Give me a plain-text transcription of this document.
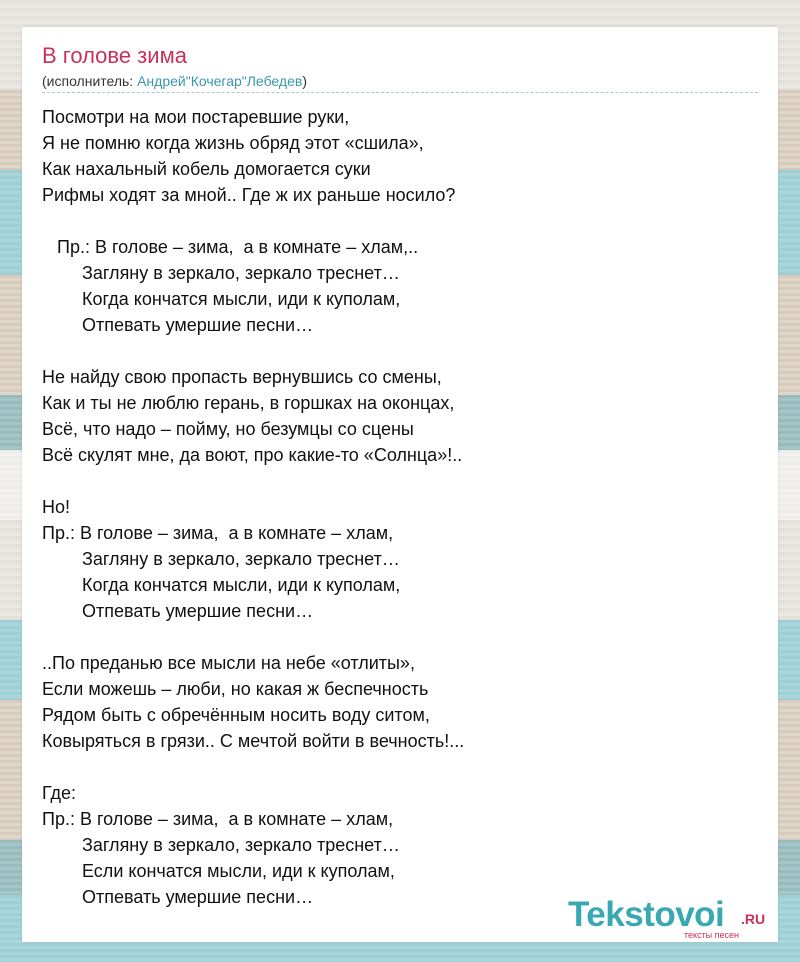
В голове зима
(исполнитель: Андрей"Кочегар"Лебедев)
Посмотри на мои постаревшие руки,
Я не помню когда жизнь обряд этот «сшила»,
Как нахальный кобель домогается суки
Рифмы ходят за мной.. Где ж их раньше носило?
Пр.: В голове – зима,  а в комнате – хлам,..
Загляну в зеркало, зеркало треснет…
Когда кончатся мысли, иди к куполам,
Отпевать умершие песни…
Не найду свою пропасть вернувшись со смены,
Как и ты не люблю герань, в горшках на оконцах,
Всё, что надо – пойму, но безумцы со сцены
Всё скулят мне, да воют, про какие-то «Солнца»!..
Но!
Пр.: В голове – зима,  а в комнате – хлам,
Загляну в зеркало, зеркало треснет…
Когда кончатся мысли, иди к куполам,
Отпевать умершие песни…
..По преданью все мысли на небе «отлиты»,
Если можешь – люби, но какая ж беспечность
Рядом быть с обречённым носить воду ситом,
Ковыряться в грязи.. С мечтой войти в вечность!...
Где:
Пр.: В голове – зима,  а в комнате – хлам,
Загляну в зеркало, зеркало треснет…
Если кончатся мысли, иди к куполам,
Отпевать умершие песни…	Tekstovoi .RU
тексты песен
